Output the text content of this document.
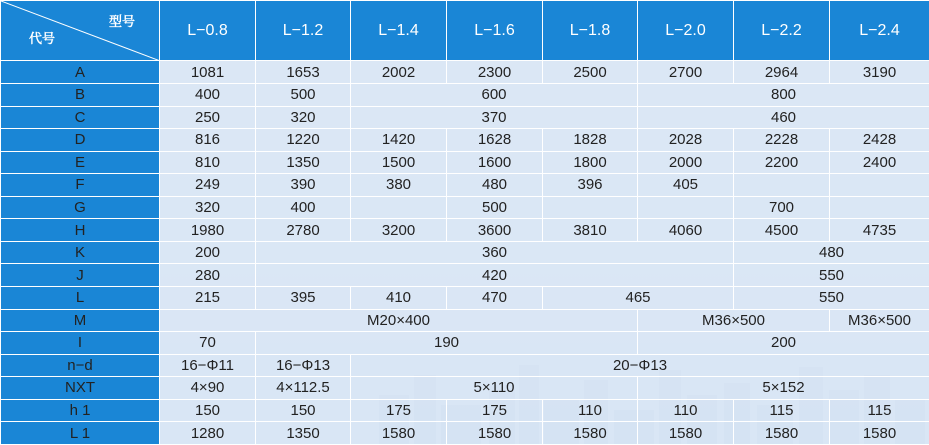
型号
代号	L−0.8	L−1.2	L−1.4	L−1.6	L−1.8	L−2.0	L−2.2	L−2.4
A	1081	1653	2002	2300	2500	2700	2964	3190
B	400	500	600			800		
C	250	320	370			460		
D	816	1220	1420	1628	1828	2028	2228	2428
E	810	1350	1500	1600	1800	2000	2200	2400
F	249	390	380	480	396	405		
G	320	400		500			700	
H	1980	2780	3200	3600	3810	4060	4500	4735
K	200	360					480	
J	280	420					550	
L	215	395	410	470	465		550	
M	M20×400					M36×500		M36×500
I	70	190				200		
n−d	16−Φ11	16−Φ13	20−Φ13					
NXT	4×90	4×112.5	5×110			5×152		
h 1	150	150	175	175	110	110	115	115
L 1	1280	1350	1580	1580	1580	1580	1580	1580
